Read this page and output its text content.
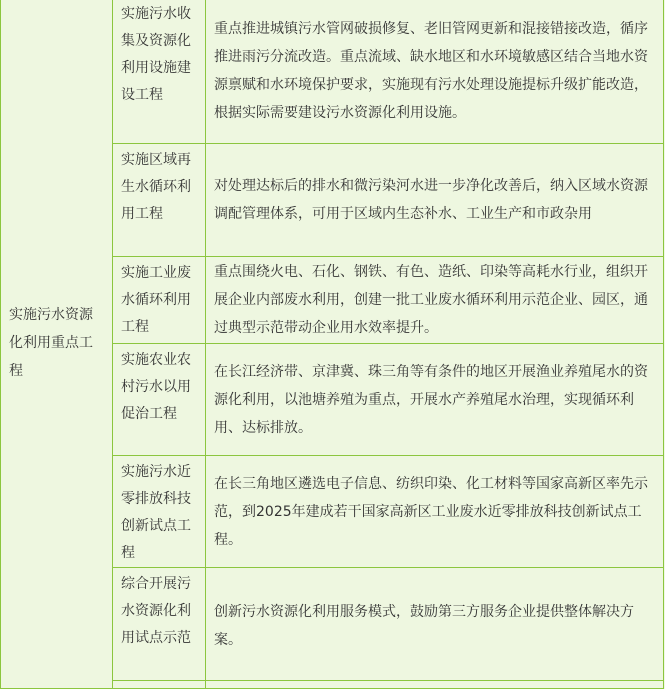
实施污水资源化利用重点工程	实施污水收集及资源化利用设施建设工程	重点推进城镇污水管网破损修复、老旧管网更新和混接错接改造，循序推进雨污分流改造。重点流域、缺水地区和水环境敏感区结合当地水资源禀赋和水环境保护要求，实施现有污水处理设施提标升级扩能改造，根据实际需要建设污水资源化利用设施。

	实施区域再生水循环利用工程	对处理达标后的排水和微污染河水进一步净化改善后，纳入区域水资源调配管理体系，可用于区域内生态补水、工业生产和市政杂用

	实施工业废水循环利用工程	重点围绕火电、石化、钢铁、有色、造纸、印染等高耗水行业，组织开展企业内部废水利用，创建一批工业废水循环利用示范企业、园区，通过典型示范带动企业用水效率提升。

	实施农业农村污水以用促治工程	在长江经济带、京津冀、珠三角等有条件的地区开展渔业养殖尾水的资源化利用，以池塘养殖为重点，开展水产养殖尾水治理，实现循环利用、达标排放。

	实施污水近零排放科技创新试点工程	在长三角地区遴选电子信息、纺织印染、化工材料等国家高新区率先示范，到2025年建成若干国家高新区工业废水近零排放科技创新试点工程。

	综合开展污水资源化利用试点示范	创新污水资源化利用服务模式，鼓励第三方服务企业提供整体解决方案。
